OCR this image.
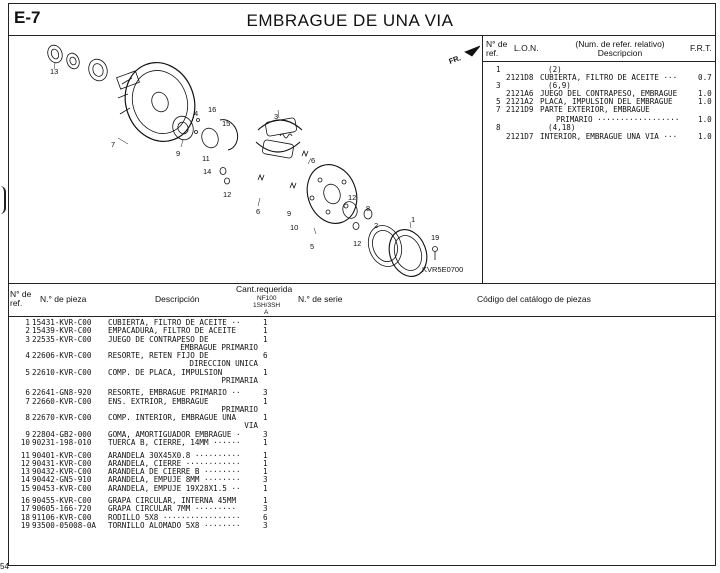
E-7	EMBRAGUE DE UNA VIA
13
7
9
4 16
15
11
14
12
3
6
6	9
10
5
12
8
12
2
1
19
FR.
KVR5E0700
N° de ref.	L.O.N.	(Num. de refer. relativo) Descripcion	F.R.T.
1	(2)
2121D8 CUBIERTA, FILTRO DE ACEITE ···	0.7
3	(6,9)
2121A6 JUEGO DEL CONTRAPESO, EMBRAGUE	1.0
5 2121A2 PLACA, IMPULSION DEL EMBRAGUE	1.0
7 2121D9 PARTE EXTERIOR, EMBRAGUE
PRIMARIO ·················· 1.0
8	(4,18)
2121D7 INTERIOR, EMBRAGUE UNA VIA ···	1.0
N° de ref.	N.° de pieza	Descripción
Cant.requerida
NF100
1SH/3SH
A
N.° de serie	Código del catálogo de piezas
1 15431-KVR-C00 CUBIERTA, FILTRO DE ACEITE ··	1
2 15439-KVR-C00 EMPACADURA, FILTRO DE ACEITE	1
3 22535-KVR-C00 JUEGO DE CONTRAPESO DE	1
EMBRAGUE PRIMARIO
4 22606-KVR-C00 RESORTE, RETEN FIJO DE	6
DIRECCION UNICA
5 22610-KVR-C00 COMP. DE PLACA, IMPULSION	1
PRIMARIA
6 22641-GN8-920 RESORTE, EMBRAGUE PRIMARIO ··	3
7 22660-KVR-C00 ENS. EXTRIOR, EMBRAGUE	1
PRIMARIO
8 22670-KVR-C00 COMP. INTERIOR, EMBRAGUE UNA	1
VIA
9 22804-GB2-000 GOMA, AMORTIGUADOR EMBRAGUE ·	3
10 90231-198-010 TUERCA B, CIERRE, 14MM ······	1
11 90401-KVR-C00 ARANDELA 30X45X0.8 ··········	1
12 90431-KVR-C00 ARANDELA, CIERRE ············	1
13 90432-KVR-C00 ARANDELA DE CIERRE B ········	1
14 90442-GN5-910 ARANDELA, EMPUJE 8MM ········	3
15 90453-KVR-C00 ARANDELA, EMPUJE 19X28X1.5 ··	1
16 90455-KVR-C00 GRAPA CIRCULAR, INTERNA 45MM	1
17 90605-166-720 GRAPA CIRCULAR 7MM ·········	3
18 91106-KVR-C00 RODILLO 5X8 ·················	6
19 93500-05008-0A TORNILLO ALOMADO 5X8 ········	3
54
